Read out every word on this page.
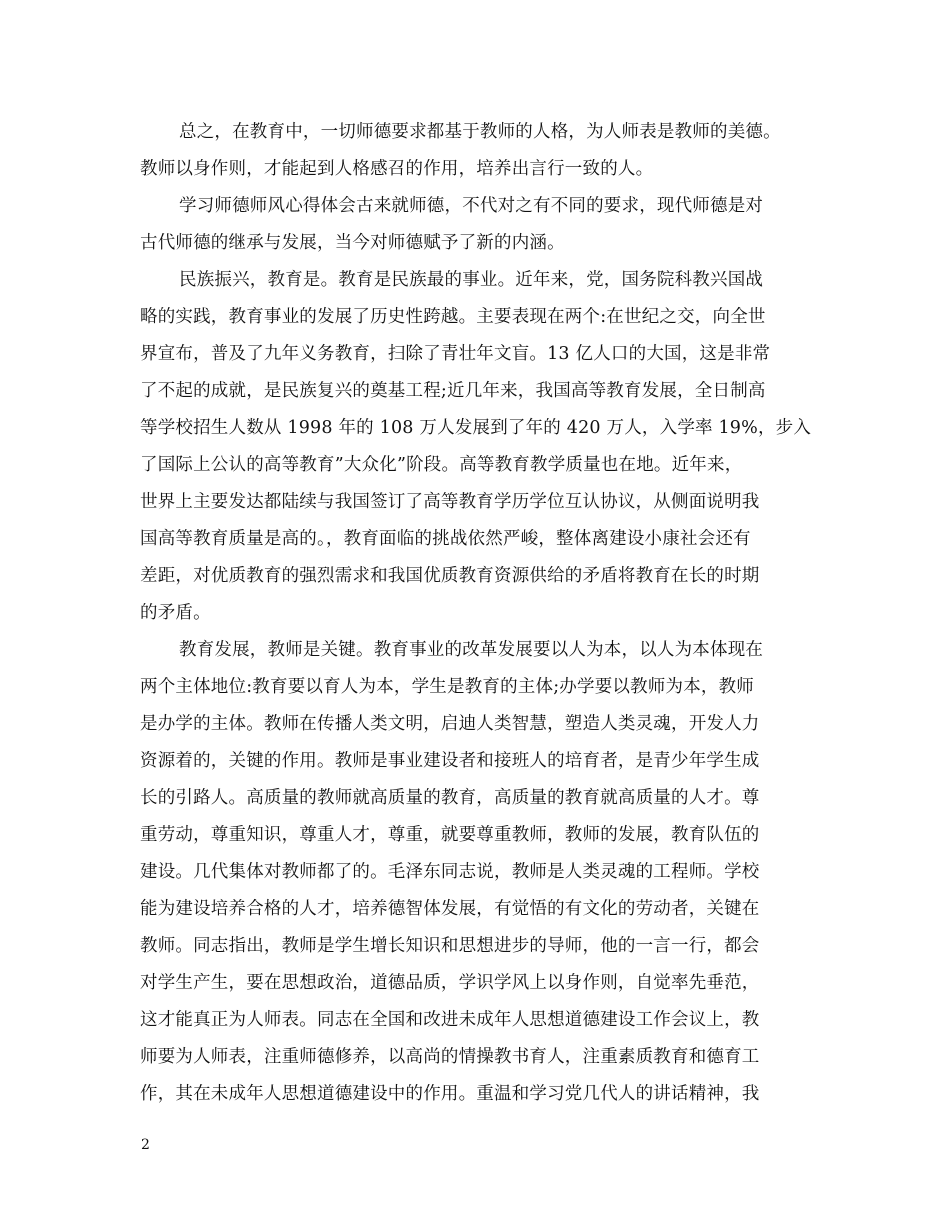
总之，在教育中，一切师德要求都基于教师的人格，为人师表是教师的美德。
教师以身作则，才能起到人格感召的作用，培养出言行一致的人。
学习师德师风心得体会古来就师德，不代对之有不同的要求，现代师德是对
古代师德的继承与发展，当今对师德赋予了新的内涵。
民族振兴，教育是。教育是民族最的事业。近年来，党，国务院科教兴国战
略的实践，教育事业的发展了历史性跨越。主要表现在两个:在世纪之交，向全世
界宣布，普及了九年义务教育，扫除了青壮年文盲。13 亿人口的大国，这是非常
了不起的成就，是民族复兴的奠基工程;近几年来，我国高等教育发展，全日制高
等学校招生人数从 1998 年的 108 万人发展到了年的 420 万人，入学率 19%，步入
了国际上公认的高等教育”大众化”阶段。高等教育教学质量也在地。近年来，
世界上主要发达都陆续与我国签订了高等教育学历学位互认协议，从侧面说明我
国高等教育质量是高的。，教育面临的挑战依然严峻，整体离建设小康社会还有
差距，对优质教育的强烈需求和我国优质教育资源供给的矛盾将教育在长的时期
的矛盾。
教育发展，教师是关键。教育事业的改革发展要以人为本，以人为本体现在
两个主体地位:教育要以育人为本，学生是教育的主体;办学要以教师为本，教师
是办学的主体。教师在传播人类文明，启迪人类智慧，塑造人类灵魂，开发人力
资源着的，关键的作用。教师是事业建设者和接班人的培育者，是青少年学生成
长的引路人。高质量的教师就高质量的教育，高质量的教育就高质量的人才。尊
重劳动，尊重知识，尊重人才，尊重，就要尊重教师，教师的发展，教育队伍的
建设。几代集体对教师都了的。毛泽东同志说，教师是人类灵魂的工程师。学校
能为建设培养合格的人才，培养德智体发展，有觉悟的有文化的劳动者，关键在
教师。同志指出，教师是学生增长知识和思想进步的导师，他的一言一行，都会
对学生产生，要在思想政治，道德品质，学识学风上以身作则，自觉率先垂范，
这才能真正为人师表。同志在全国和改进未成年人思想道德建设工作会议上，教
师要为人师表，注重师德修养，以高尚的情操教书育人，注重素质教育和德育工
作，其在未成年人思想道德建设中的作用。重温和学习党几代人的讲话精神，我
2
